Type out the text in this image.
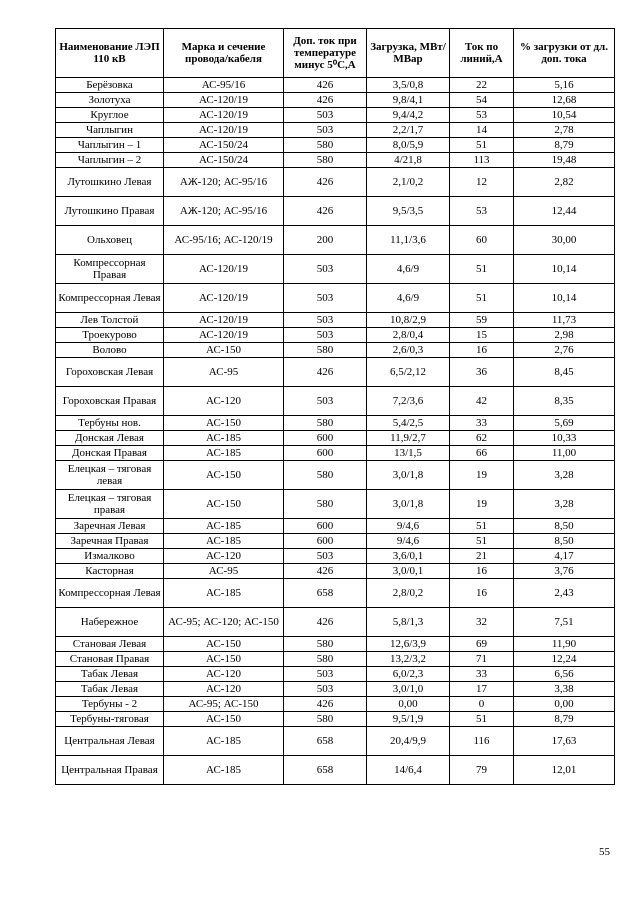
Наименование ЛЭП 110 кВ	Марка и сечение провода/кабеля	Доп. ток при температуре минус 5⁰С,А	Загрузка, МВт/МВар	Ток по линий,А	% загрузки от дл. доп. тока
Берёзовка	АС-95/16	426	3,5/0,8	22	5,16
Золотуха	АС-120/19	426	9,8/4,1	54	12,68
Круглое	АС-120/19	503	9,4/4,2	53	10,54
Чаплыгин	АС-120/19	503	2,2/1,7	14	2,78
Чаплыгин – 1	АС-150/24	580	8,0/5,9	51	8,79
Чаплыгин – 2	АС-150/24	580	4/21,8	113	19,48
Лутошкино Левая	АЖ-120; АС-95/16	426	2,1/0,2	12	2,82
Лутошкино Правая	АЖ-120; АС-95/16	426	9,5/3,5	53	12,44
Ольховец	АС-95/16; АС-120/19	200	11,1/3,6	60	30,00
Компрессорная Правая	АС-120/19	503	4,6/9	51	10,14
Компрессорная Левая	АС-120/19	503	4,6/9	51	10,14
Лев Толстой	АС-120/19	503	10,8/2,9	59	11,73
Троекурово	АС-120/19	503	2,8/0,4	15	2,98
Волово	АС-150	580	2,6/0,3	16	2,76
Гороховская Левая	АС-95	426	6,5/2,12	36	8,45
Гороховская Правая	АС-120	503	7,2/3,6	42	8,35
Тербуны нов.	АС-150	580	5,4/2,5	33	5,69
Донская Левая	АС-185	600	11,9/2,7	62	10,33
Донская Правая	АС-185	600	13/1,5	66	11,00
Елецкая – тяговая левая	АС-150	580	3,0/1,8	19	3,28
Елецкая – тяговая правая	АС-150	580	3,0/1,8	19	3,28
Заречная Левая	АС-185	600	9/4,6	51	8,50
Заречная Правая	АС-185	600	9/4,6	51	8,50
Измалково	АС-120	503	3,6/0,1	21	4,17
Касторная	АС-95	426	3,0/0,1	16	3,76
Компрессорная Левая	АС-185	658	2,8/0,2	16	2,43
Набережное	АС-95; АС-120; АС-150	426	5,8/1,3	32	7,51
Становая Левая	АС-150	580	12,6/3,9	69	11,90
Становая Правая	АС-150	580	13,2/3,2	71	12,24
Табак Левая	АС-120	503	6,0/2,3	33	6,56
Табак Левая	АС-120	503	3,0/1,0	17	3,38
Тербуны - 2	АС-95; АС-150	426	0,00	0	0,00
Тербуны-тяговая	АС-150	580	9,5/1,9	51	8,79
Центральная Левая	АС-185	658	20,4/9,9	116	17,63
Центральная Правая	АС-185	658	14/6,4	79	12,01
55
